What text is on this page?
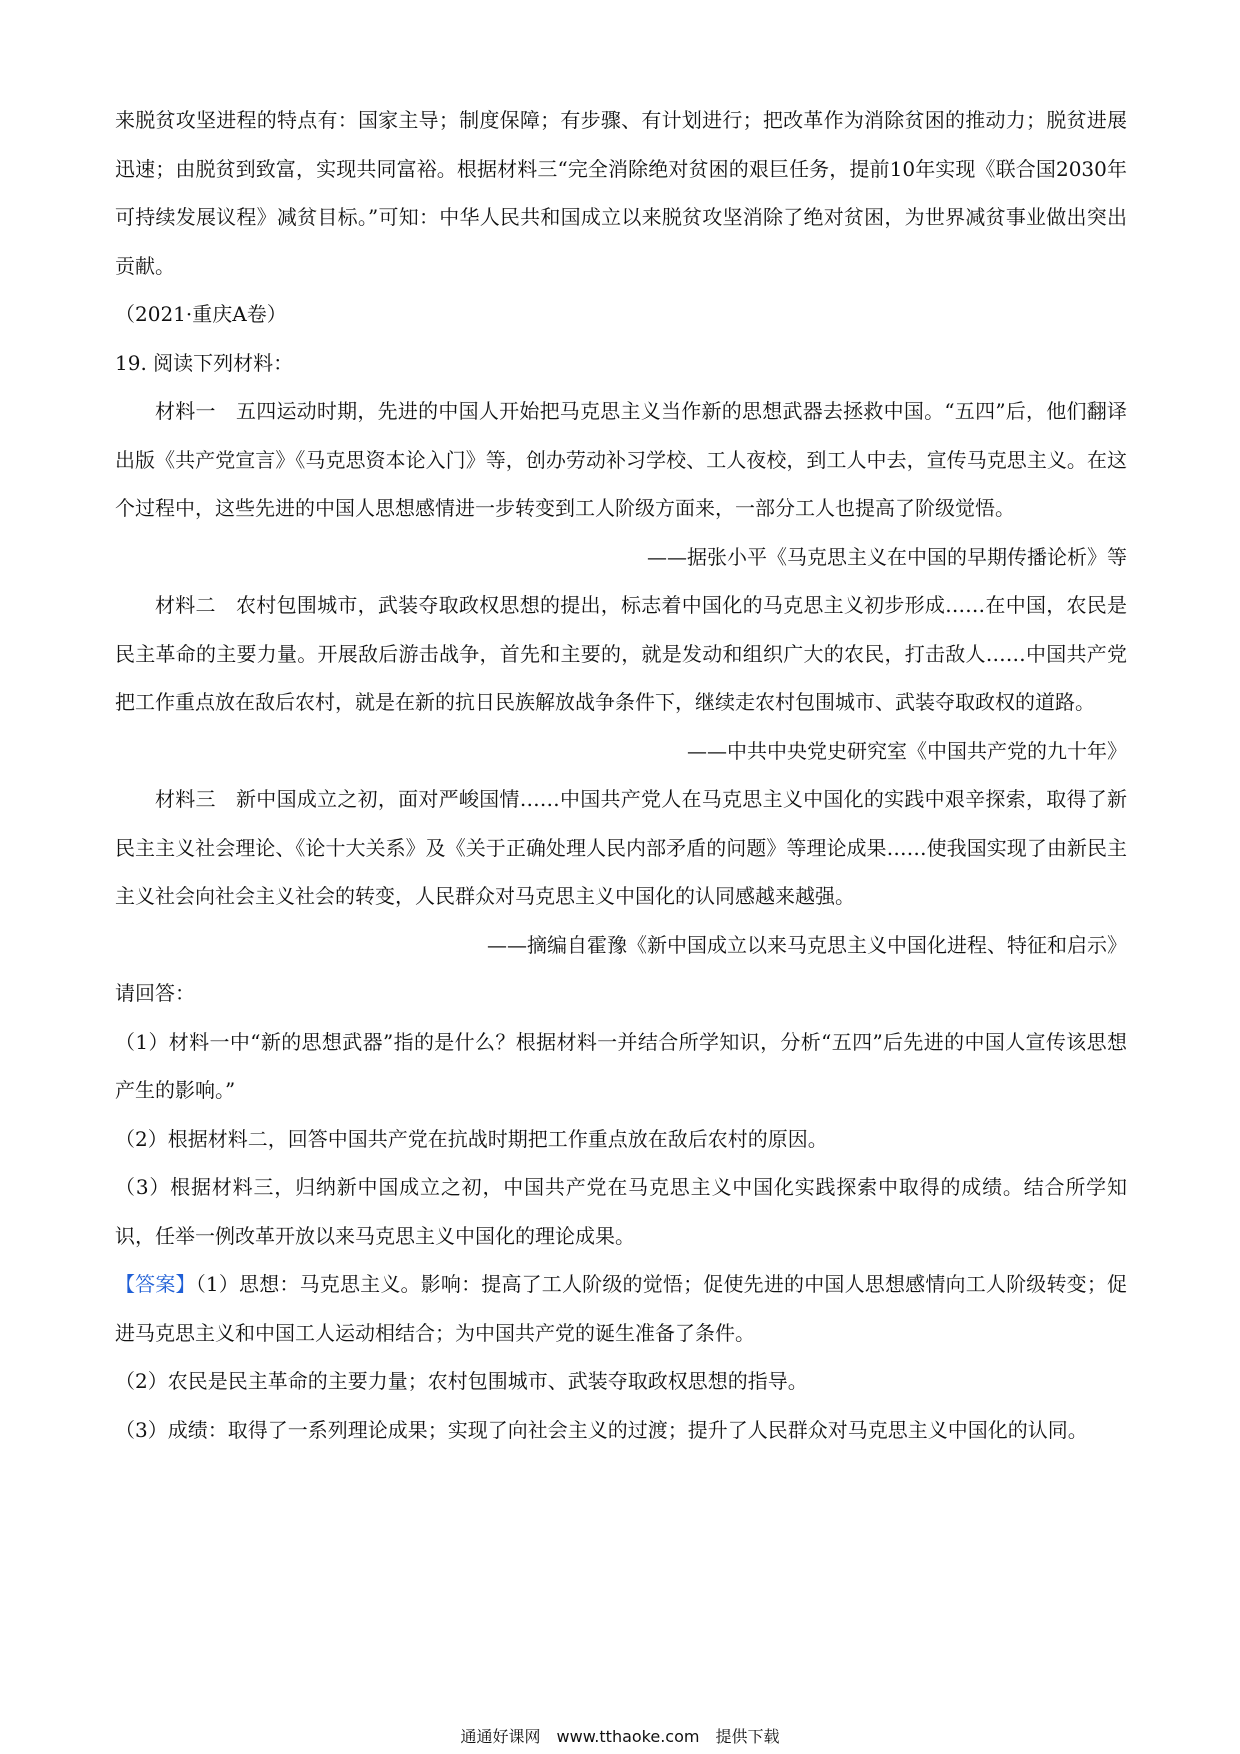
来脱贫攻坚进程的特点有：国家主导；制度保障；有步骤、有计划进行；把改革作为消除贫困的推动力；脱贫进展迅速；由脱贫到致富，实现共同富裕。根据材料三“完全消除绝对贫困的艰巨任务，提前10年实现《联合国2030年可持续发展议程》减贫目标。”可知：中华人民共和国成立以来脱贫攻坚消除了绝对贫困，为世界减贫事业做出突出贡献。

（2021·重庆A卷）

19. 阅读下列材料：

材料一　五四运动时期，先进的中国人开始把马克思主义当作新的思想武器去拯救中国。“五四”后，他们翻译出版《共产党宣言》《马克思资本论入门》等，创办劳动补习学校、工人夜校，到工人中去，宣传马克思主义。在这个过程中，这些先进的中国人思想感情进一步转变到工人阶级方面来，一部分工人也提高了阶级觉悟。

——据张小平《马克思主义在中国的早期传播论析》等

材料二　农村包围城市，武装夺取政权思想的提出，标志着中国化的马克思主义初步形成……在中国，农民是民主革命的主要力量。开展敌后游击战争，首先和主要的，就是发动和组织广大的农民，打击敌人……中国共产党把工作重点放在敌后农村，就是在新的抗日民族解放战争条件下，继续走农村包围城市、武装夺取政权的道路。

——中共中央党史研究室《中国共产党的九十年》

材料三　新中国成立之初，面对严峻国情……中国共产党人在马克思主义中国化的实践中艰辛探索，取得了新民主主义社会理论、《论十大关系》及《关于正确处理人民内部矛盾的问题》等理论成果……使我国实现了由新民主主义社会向社会主义社会的转变，人民群众对马克思主义中国化的认同感越来越强。

——摘编自霍豫《新中国成立以来马克思主义中国化进程、特征和启示》

请回答：

（1）材料一中“新的思想武器”指的是什么？根据材料一并结合所学知识，分析“五四”后先进的中国人宣传该思想产生的影响。”

（2）根据材料二，回答中国共产党在抗战时期把工作重点放在敌后农村的原因。

（3）根据材料三，归纳新中国成立之初，中国共产党在马克思主义中国化实践探索中取得的成绩。结合所学知识，任举一例改革开放以来马克思主义中国化的理论成果。

【答案】（1）思想：马克思主义。影响：提高了工人阶级的觉悟；促使先进的中国人思想感情向工人阶级转变；促进马克思主义和中国工人运动相结合；为中国共产党的诞生准备了条件。

（2）农民是民主革命的主要力量；农村包围城市、武装夺取政权思想的指导。

（3）成绩：取得了一系列理论成果；实现了向社会主义的过渡；提升了人民群众对马克思主义中国化的认同。

通通好课网　www.tthaoke.com　提供下载
